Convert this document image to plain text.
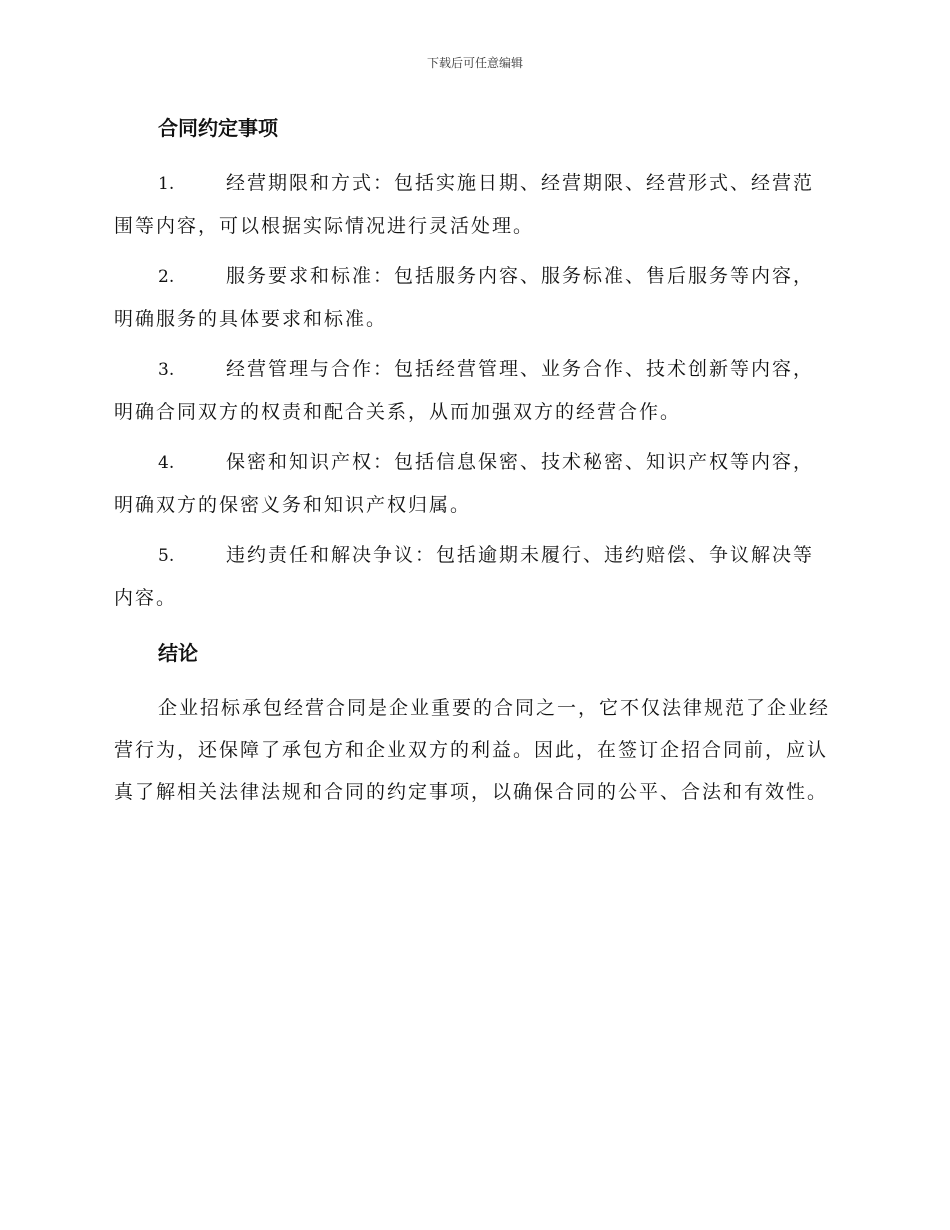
下载后可任意编辑
合同约定事项
1.	经营期限和方式：包括实施日期、经营期限、经营形式、经营范围等内容，可以根据实际情况进行灵活处理。
2.	服务要求和标准：包括服务内容、服务标准、售后服务等内容，明确服务的具体要求和标准。
3.	经营管理与合作：包括经营管理、业务合作、技术创新等内容，明确合同双方的权责和配合关系，从而加强双方的经营合作。
4.	保密和知识产权：包括信息保密、技术秘密、知识产权等内容，明确双方的保密义务和知识产权归属。
5.	违约责任和解决争议：包括逾期未履行、违约赔偿、争议解决等内容。
结论

企业招标承包经营合同是企业重要的合同之一，它不仅法律规范了企业经营行为，还保障了承包方和企业双方的利益。因此，在签订企招合同前，应认真了解相关法律法规和合同的约定事项，以确保合同的公平、合法和有效性。
